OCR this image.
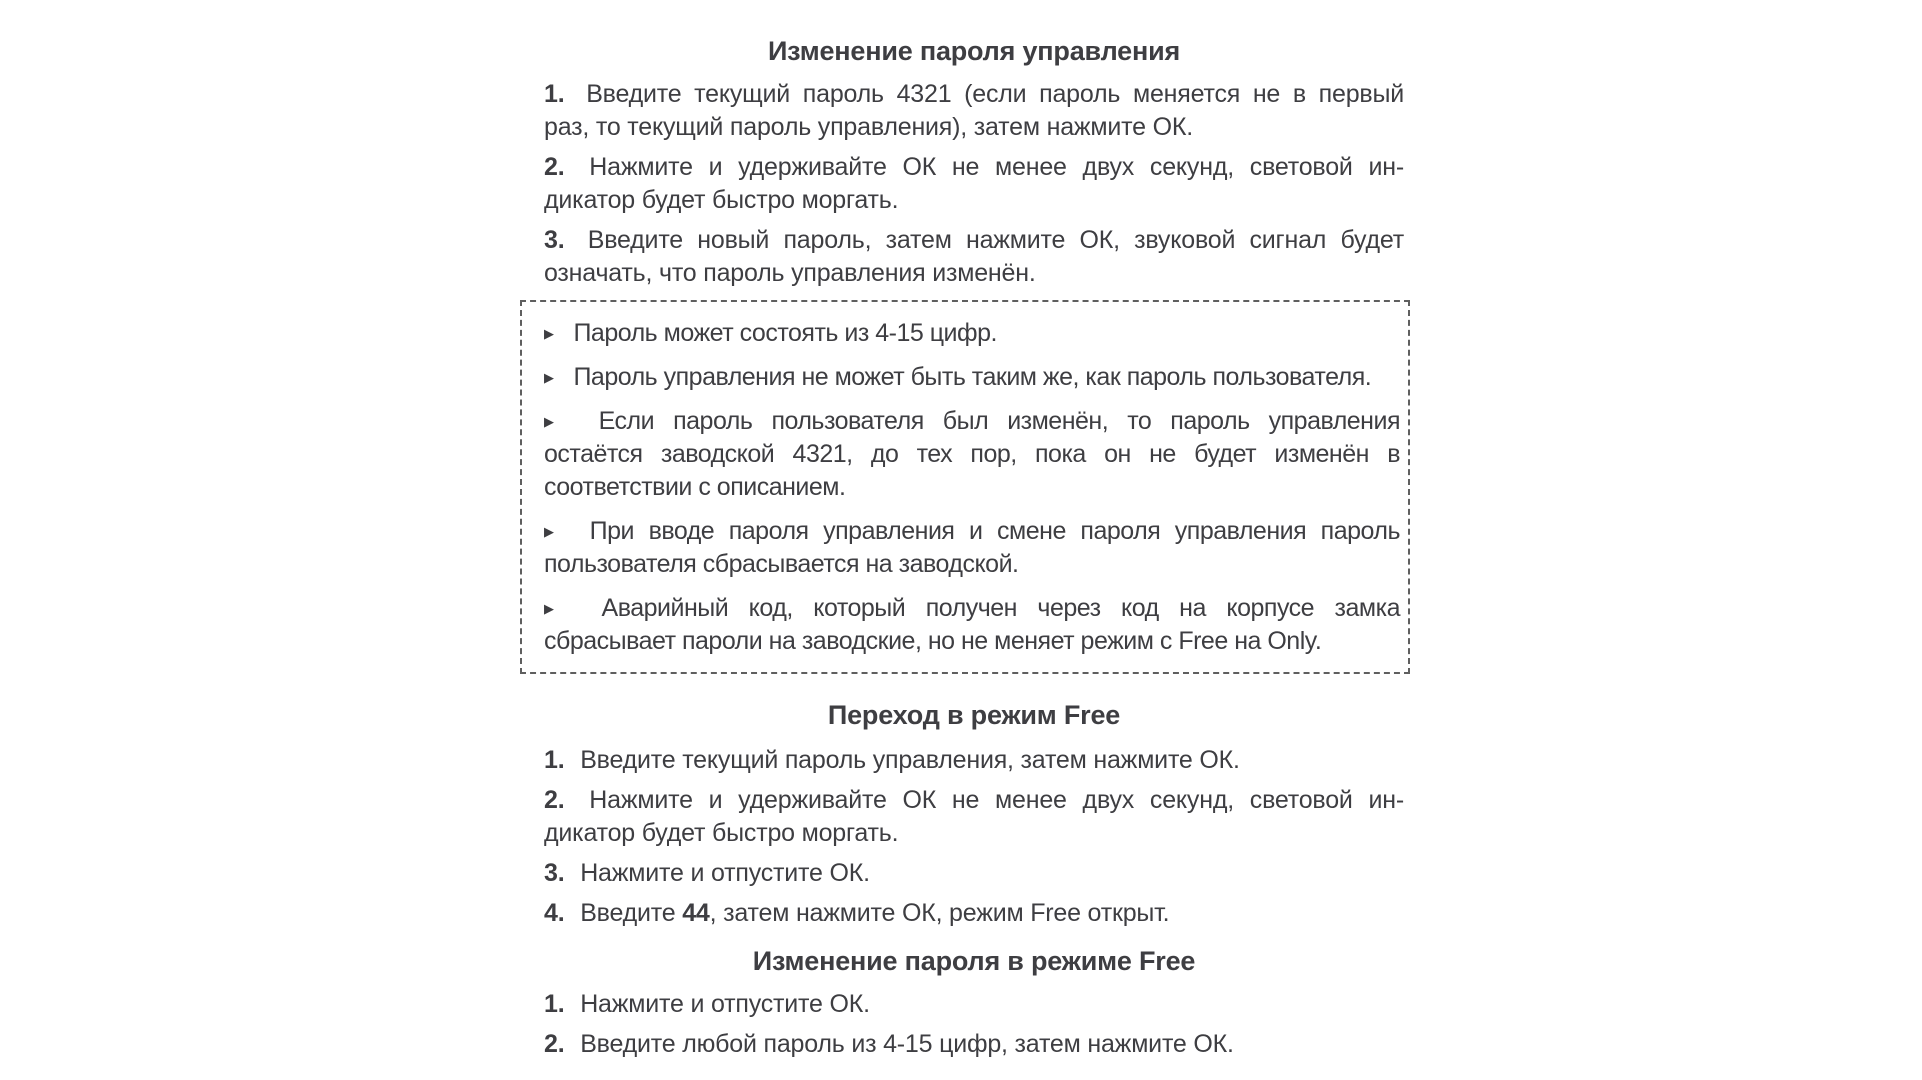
Изменение пароля управления

1. Введите текущий пароль 4321 (если пароль меняется не в первый
раз, то текущий пароль управления), затем нажмите ОК.

2. Нажмите и удерживайте ОК не менее двух секунд, световой ин-
дикатор будет быстро моргать.

3. Введите новый пароль, затем нажмите ОК, звуковой сигнал будет
означать, что пароль управления изменён.

▶ Пароль может состоять из 4-15 цифр.

▶ Пароль управления не может быть таким же, как пароль пользователя.

▶ Если пароль пользователя был изменён, то пароль управления
остаётся заводской 4321, до тех пор, пока он не будет изменён в
соответствии с описанием.

▶ При вводе пароля управления и смене пароля управления пароль
пользователя сбрасывается на заводской.

▶ Аварийный код, который получен через код на корпусе замка
сбрасывает пароли на заводские, но не меняет режим с Free на Only.

Переход в режим Free

1. Введите текущий пароль управления, затем нажмите ОК.

2. Нажмите и удерживайте ОК не менее двух секунд, световой ин-
дикатор будет быстро моргать.

3. Нажмите и отпустите ОК.

4. Введите 44, затем нажмите ОК, режим Free открыт.

Изменение пароля в режиме Free

1. Нажмите и отпустите ОК.

2. Введите любой пароль из 4-15 цифр, затем нажмите ОК.
